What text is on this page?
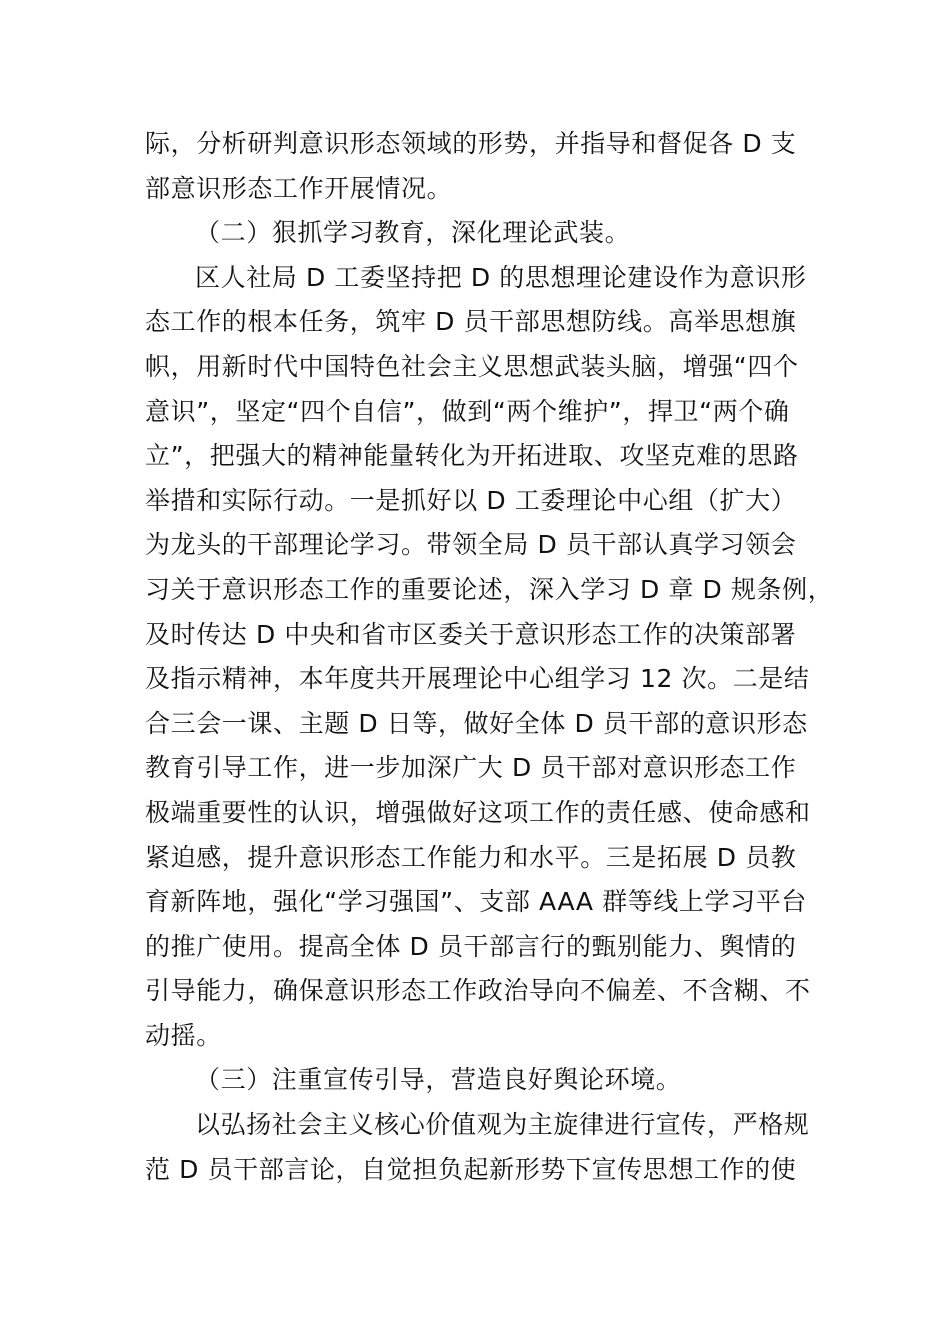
际，分析研判意识形态领域的形势，并指导和督促各 D 支
部意识形态工作开展情况。
（二）狠抓学习教育，深化理论武装。
区人社局 D 工委坚持把 D 的思想理论建设作为意识形
态工作的根本任务，筑牢 D 员干部思想防线。高举思想旗
帜，用新时代中国特色社会主义思想武装头脑，增强“四个
意识”，坚定“四个自信”，做到“两个维护”，捍卫“两个确
立”，把强大的精神能量转化为开拓进取、攻坚克难的思路
举措和实际行动。一是抓好以 D 工委理论中心组（扩大）
为龙头的干部理论学习。带领全局 D 员干部认真学习领会
习关于意识形态工作的重要论述，深入学习 D 章 D 规条例，
及时传达 D 中央和省市区委关于意识形态工作的决策部署
及指示精神，本年度共开展理论中心组学习 12 次。二是结
合三会一课、主题 D 日等，做好全体 D 员干部的意识形态
教育引导工作，进一步加深广大 D 员干部对意识形态工作
极端重要性的认识，增强做好这项工作的责任感、使命感和
紧迫感，提升意识形态工作能力和水平。三是拓展 D 员教
育新阵地，强化“学习强国”、支部 AAA 群等线上学习平台
的推广使用。提高全体 D 员干部言行的甄别能力、舆情的
引导能力，确保意识形态工作政治导向不偏差、不含糊、不
动摇。
（三）注重宣传引导，营造良好舆论环境。
以弘扬社会主义核心价值观为主旋律进行宣传，严格规
范 D 员干部言论，自觉担负起新形势下宣传思想工作的使
